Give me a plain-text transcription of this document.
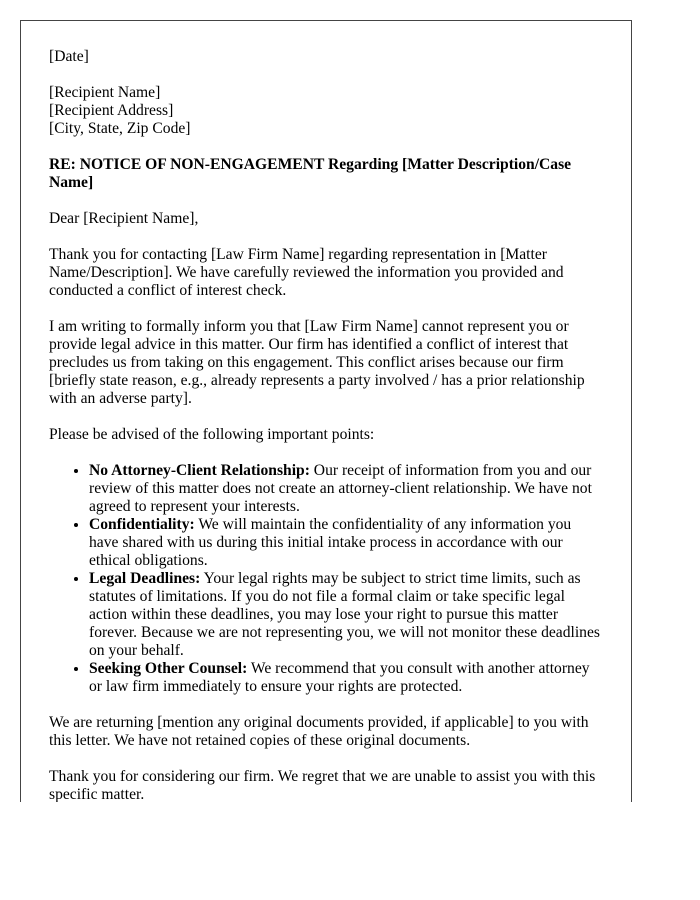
[Date]

[Recipient Name]
[Recipient Address]
[City, State, Zip Code]

RE: NOTICE OF NON-ENGAGEMENT Regarding [Matter Description/Case Name]

Dear [Recipient Name],

Thank you for contacting [Law Firm Name] regarding representation in [Matter Name/Description]. We have carefully reviewed the information you provided and conducted a conflict of interest check.

I am writing to formally inform you that [Law Firm Name] cannot represent you or provide legal advice in this matter. Our firm has identified a conflict of interest that precludes us from taking on this engagement. This conflict arises because our firm [briefly state reason, e.g., already represents a party involved / has a prior relationship with an adverse party].

Please be advised of the following important points:

• No Attorney-Client Relationship: Our receipt of information from you and our review of this matter does not create an attorney-client relationship. We have not agreed to represent your interests.
• Confidentiality: We will maintain the confidentiality of any information you have shared with us during this initial intake process in accordance with our ethical obligations.
• Legal Deadlines: Your legal rights may be subject to strict time limits, such as statutes of limitations. If you do not file a formal claim or take specific legal action within these deadlines, you may lose your right to pursue this matter forever. Because we are not representing you, we will not monitor these deadlines on your behalf.
• Seeking Other Counsel: We recommend that you consult with another attorney or law firm immediately to ensure your rights are protected.

We are returning [mention any original documents provided, if applicable] to you with this letter. We have not retained copies of these original documents.

Thank you for considering our firm. We regret that we are unable to assist you with this specific matter.
